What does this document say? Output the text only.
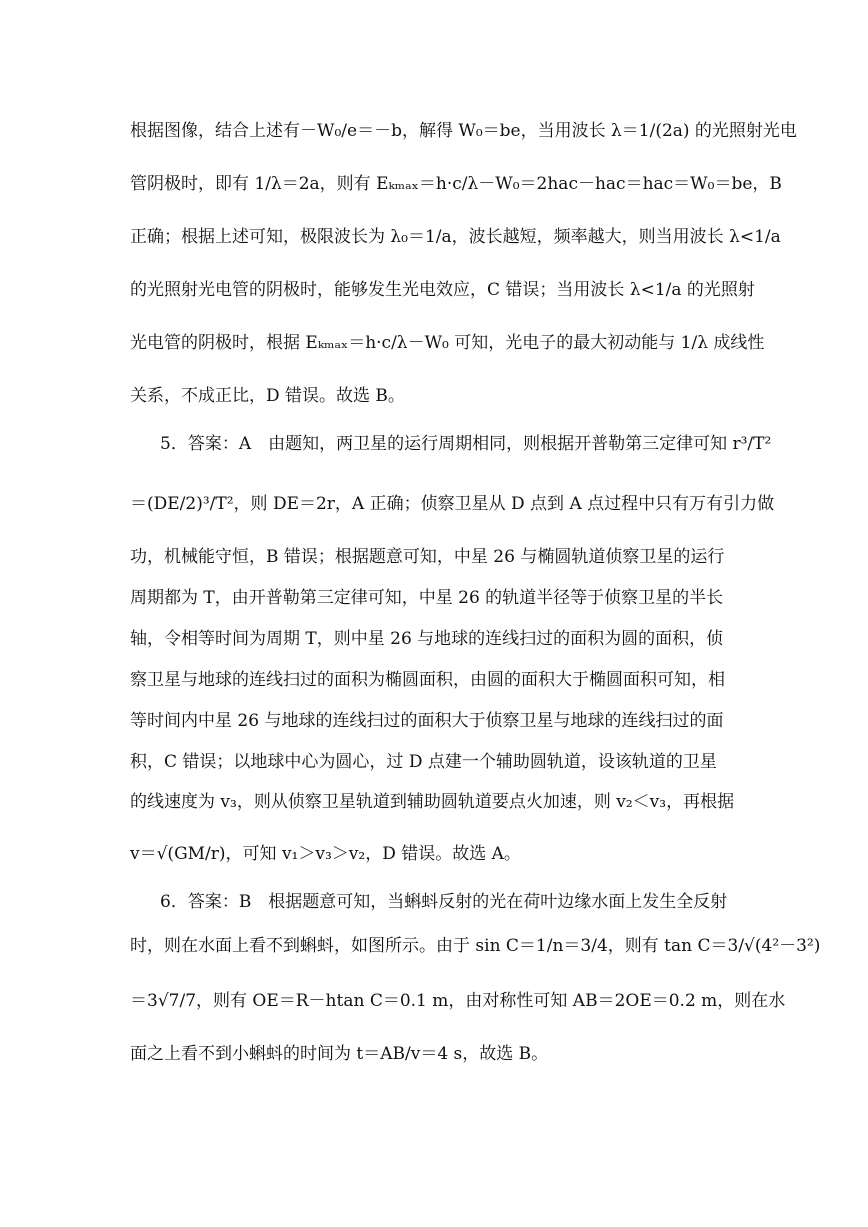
根据图像，结合上述有－W₀/e＝－b，解得 W₀＝be，当用波长 λ＝1/(2a) 的光照射光电
管阴极时，即有 1/λ＝2a，则有 Eₖₘₐₓ＝h·c/λ－W₀＝2hac－hac＝hac＝W₀＝be，B
正确；根据上述可知，极限波长为 λ₀＝1/a，波长越短，频率越大，则当用波长 λ<1/a
的光照射光电管的阴极时，能够发生光电效应，C 错误；当用波长 λ<1/a 的光照射
光电管的阴极时，根据 Eₖₘₐₓ＝h·c/λ－W₀ 可知，光电子的最大初动能与 1/λ 成线性
关系，不成正比，D 错误。故选 B。
5．答案：A　由题知，两卫星的运行周期相同，则根据开普勒第三定律可知 r³/T²
＝(DE/2)³/T²，则 DE＝2r，A 正确；侦察卫星从 D 点到 A 点过程中只有万有引力做
功，机械能守恒，B 错误；根据题意可知，中星 26 与椭圆轨道侦察卫星的运行
周期都为 T，由开普勒第三定律可知，中星 26 的轨道半径等于侦察卫星的半长
轴，令相等时间为周期 T，则中星 26 与地球的连线扫过的面积为圆的面积，侦
察卫星与地球的连线扫过的面积为椭圆面积，由圆的面积大于椭圆面积可知，相
等时间内中星 26 与地球的连线扫过的面积大于侦察卫星与地球的连线扫过的面
积，C 错误；以地球中心为圆心，过 D 点建一个辅助圆轨道，设该轨道的卫星
的线速度为 v₃，则从侦察卫星轨道到辅助圆轨道要点火加速，则 v₂＜v₃，再根据
v＝√(GM/r)，可知 v₁＞v₃＞v₂，D 错误。故选 A。
6．答案：B　根据题意可知，当蝌蚪反射的光在荷叶边缘水面上发生全反射
时，则在水面上看不到蝌蚪，如图所示。由于 sin C＝1/n＝3/4，则有 tan C＝3/√(4²－3²)
＝3√7/7，则有 OE＝R－htan C＝0.1 m，由对称性可知 AB＝2OE＝0.2 m，则在水
面之上看不到小蝌蚪的时间为 t＝AB/v＝4 s，故选 B。
